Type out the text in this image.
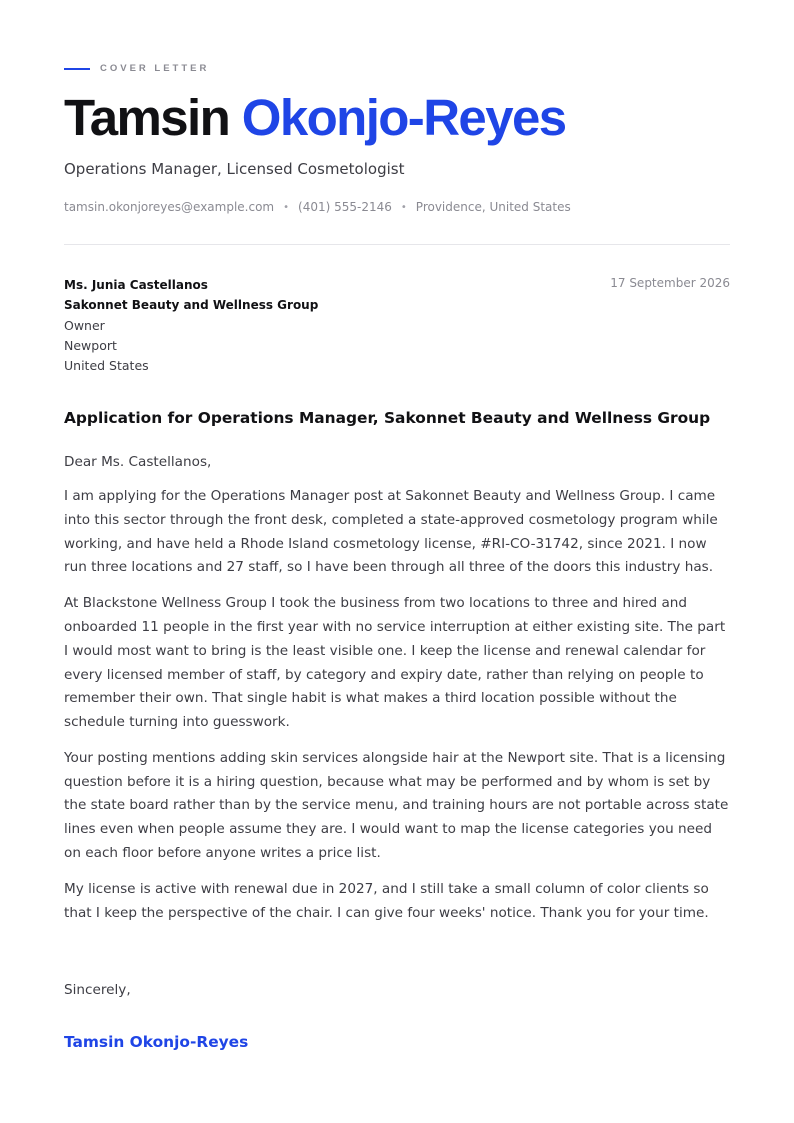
COVER LETTER
Tamsin Okonjo-Reyes
Operations Manager, Licensed Cosmetologist
tamsin.okonjoreyes@example.com • (401) 555-2146 • Providence, United States
Ms. Junia Castellanos
Sakonnet Beauty and Wellness Group
Owner
Newport
United States
17 September 2026
Application for Operations Manager, Sakonnet Beauty and Wellness Group

Dear Ms. Castellanos,

I am applying for the Operations Manager post at Sakonnet Beauty and Wellness Group. I came into this sector through the front desk, completed a state-approved cosmetology program while working, and have held a Rhode Island cosmetology license, #RI-CO-31742, since 2021. I now run three locations and 27 staff, so I have been through all three of the doors this industry has.

At Blackstone Wellness Group I took the business from two locations to three and hired and onboarded 11 people in the first year with no service interruption at either existing site. The part I would most want to bring is the least visible one. I keep the license and renewal calendar for every licensed member of staff, by category and expiry date, rather than relying on people to remember their own. That single habit is what makes a third location possible without the schedule turning into guesswork.

Your posting mentions adding skin services alongside hair at the Newport site. That is a licensing question before it is a hiring question, because what may be performed and by whom is set by the state board rather than by the service menu, and training hours are not portable across state lines even when people assume they are. I would want to map the license categories you need on each floor before anyone writes a price list.

My license is active with renewal due in 2027, and I still take a small column of color clients so that I keep the perspective of the chair. I can give four weeks' notice. Thank you for your time.

Sincerely,
Tamsin Okonjo-Reyes
